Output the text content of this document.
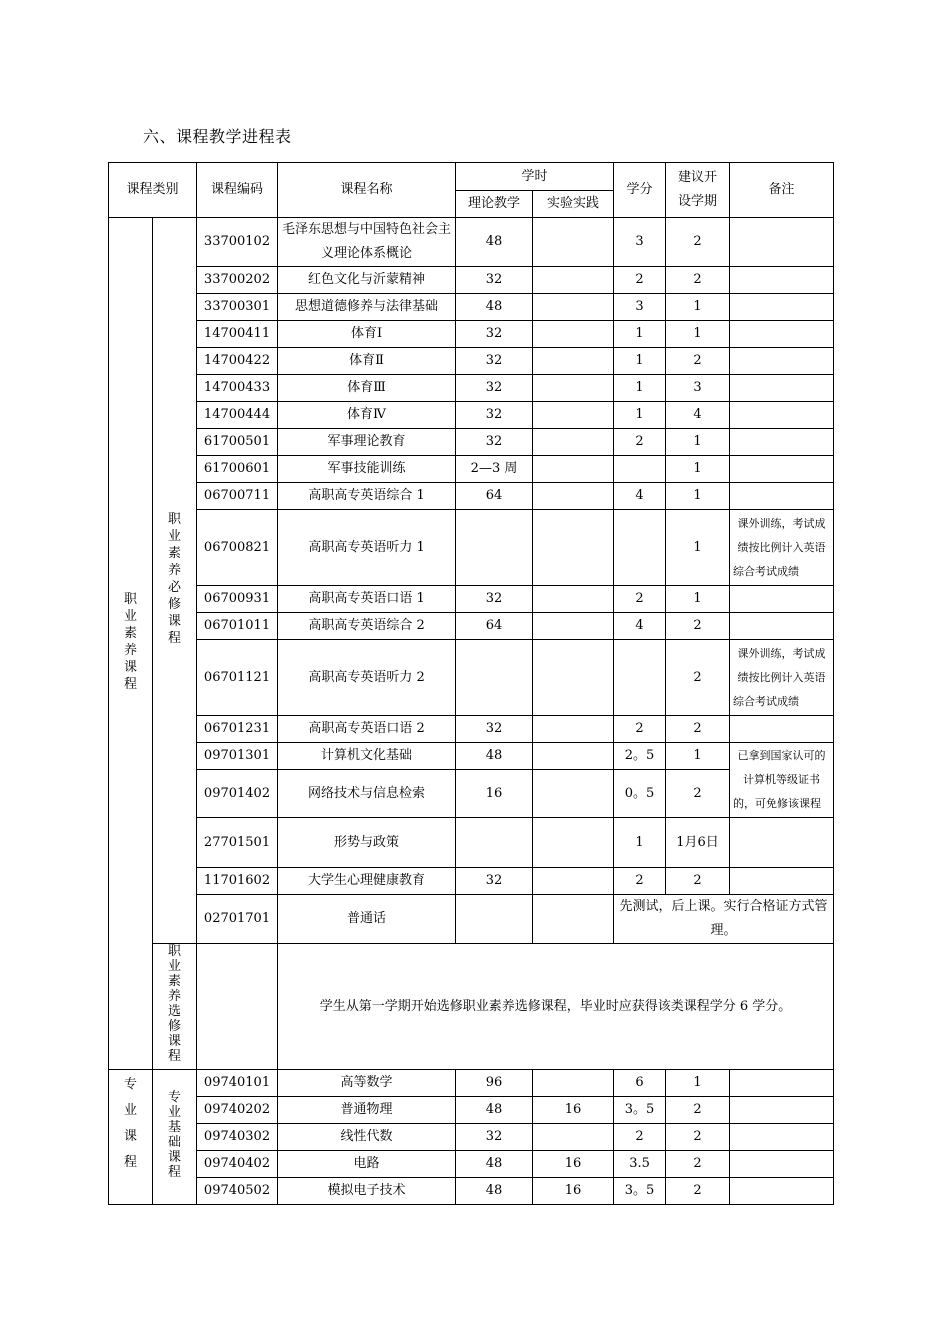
六、课程教学进程表
课程类别		课程编码	课程名称	学时		学分	建议开设学期	备注
				理论教学	实验实践			
职业素养课程	职业素养必修课程	33700102	毛泽东思想与中国特色社会主义理论体系概论	48		3	2	
		33700202	红色文化与沂蒙精神	32		2	2	
		33700301	思想道德修养与法律基础	48		3	1	
		14700411	体育Ⅰ	32		1	1	
		14700422	体育Ⅱ	32		1	2	
		14700433	体育Ⅲ	32		1	3	
		14700444	体育Ⅳ	32		1	4	
		61700501	军事理论教育	32		2	1	
		61700601	军事技能训练	2—3 周			1	
		06700711	高职高专英语综合 1	64		4	1	
		06700821	高职高专英语听力 1				1	课外训练，考试成绩按比例计入英语综合考试成绩
		06700931	高职高专英语口语 1	32		2	1	
		06701011	高职高专英语综合 2	64		4	2	
		06701121	高职高专英语听力 2				2	课外训练，考试成绩按比例计入英语综合考试成绩
		06701231	高职高专英语口语 2	32		2	2	
		09701301	计算机文化基础	48		2。5	1	已拿到国家认可的计算机等级证书的，可免修该课程
		09701402	网络技术与信息检索	16		0。5	2	
		27701501	形势与政策			1	1月6日	
		11701602	大学生心理健康教育	32		2	2	
		02701701	普通话			先测试，后上课。实行合格证方式管理。		
	职业素养选修课程		学生从第一学期开始选修职业素养选修课程，毕业时应获得该类课程学分 6 学分。					
专业课程	专业基础课程	09740101	高等数学	96		6	1	
		09740202	普通物理	48	16	3。5	2	
		09740302	线性代数	32		2	2	
		09740402	电路	48	16	3.5	2	
		09740502	模拟电子技术	48	16	3。5	2	
